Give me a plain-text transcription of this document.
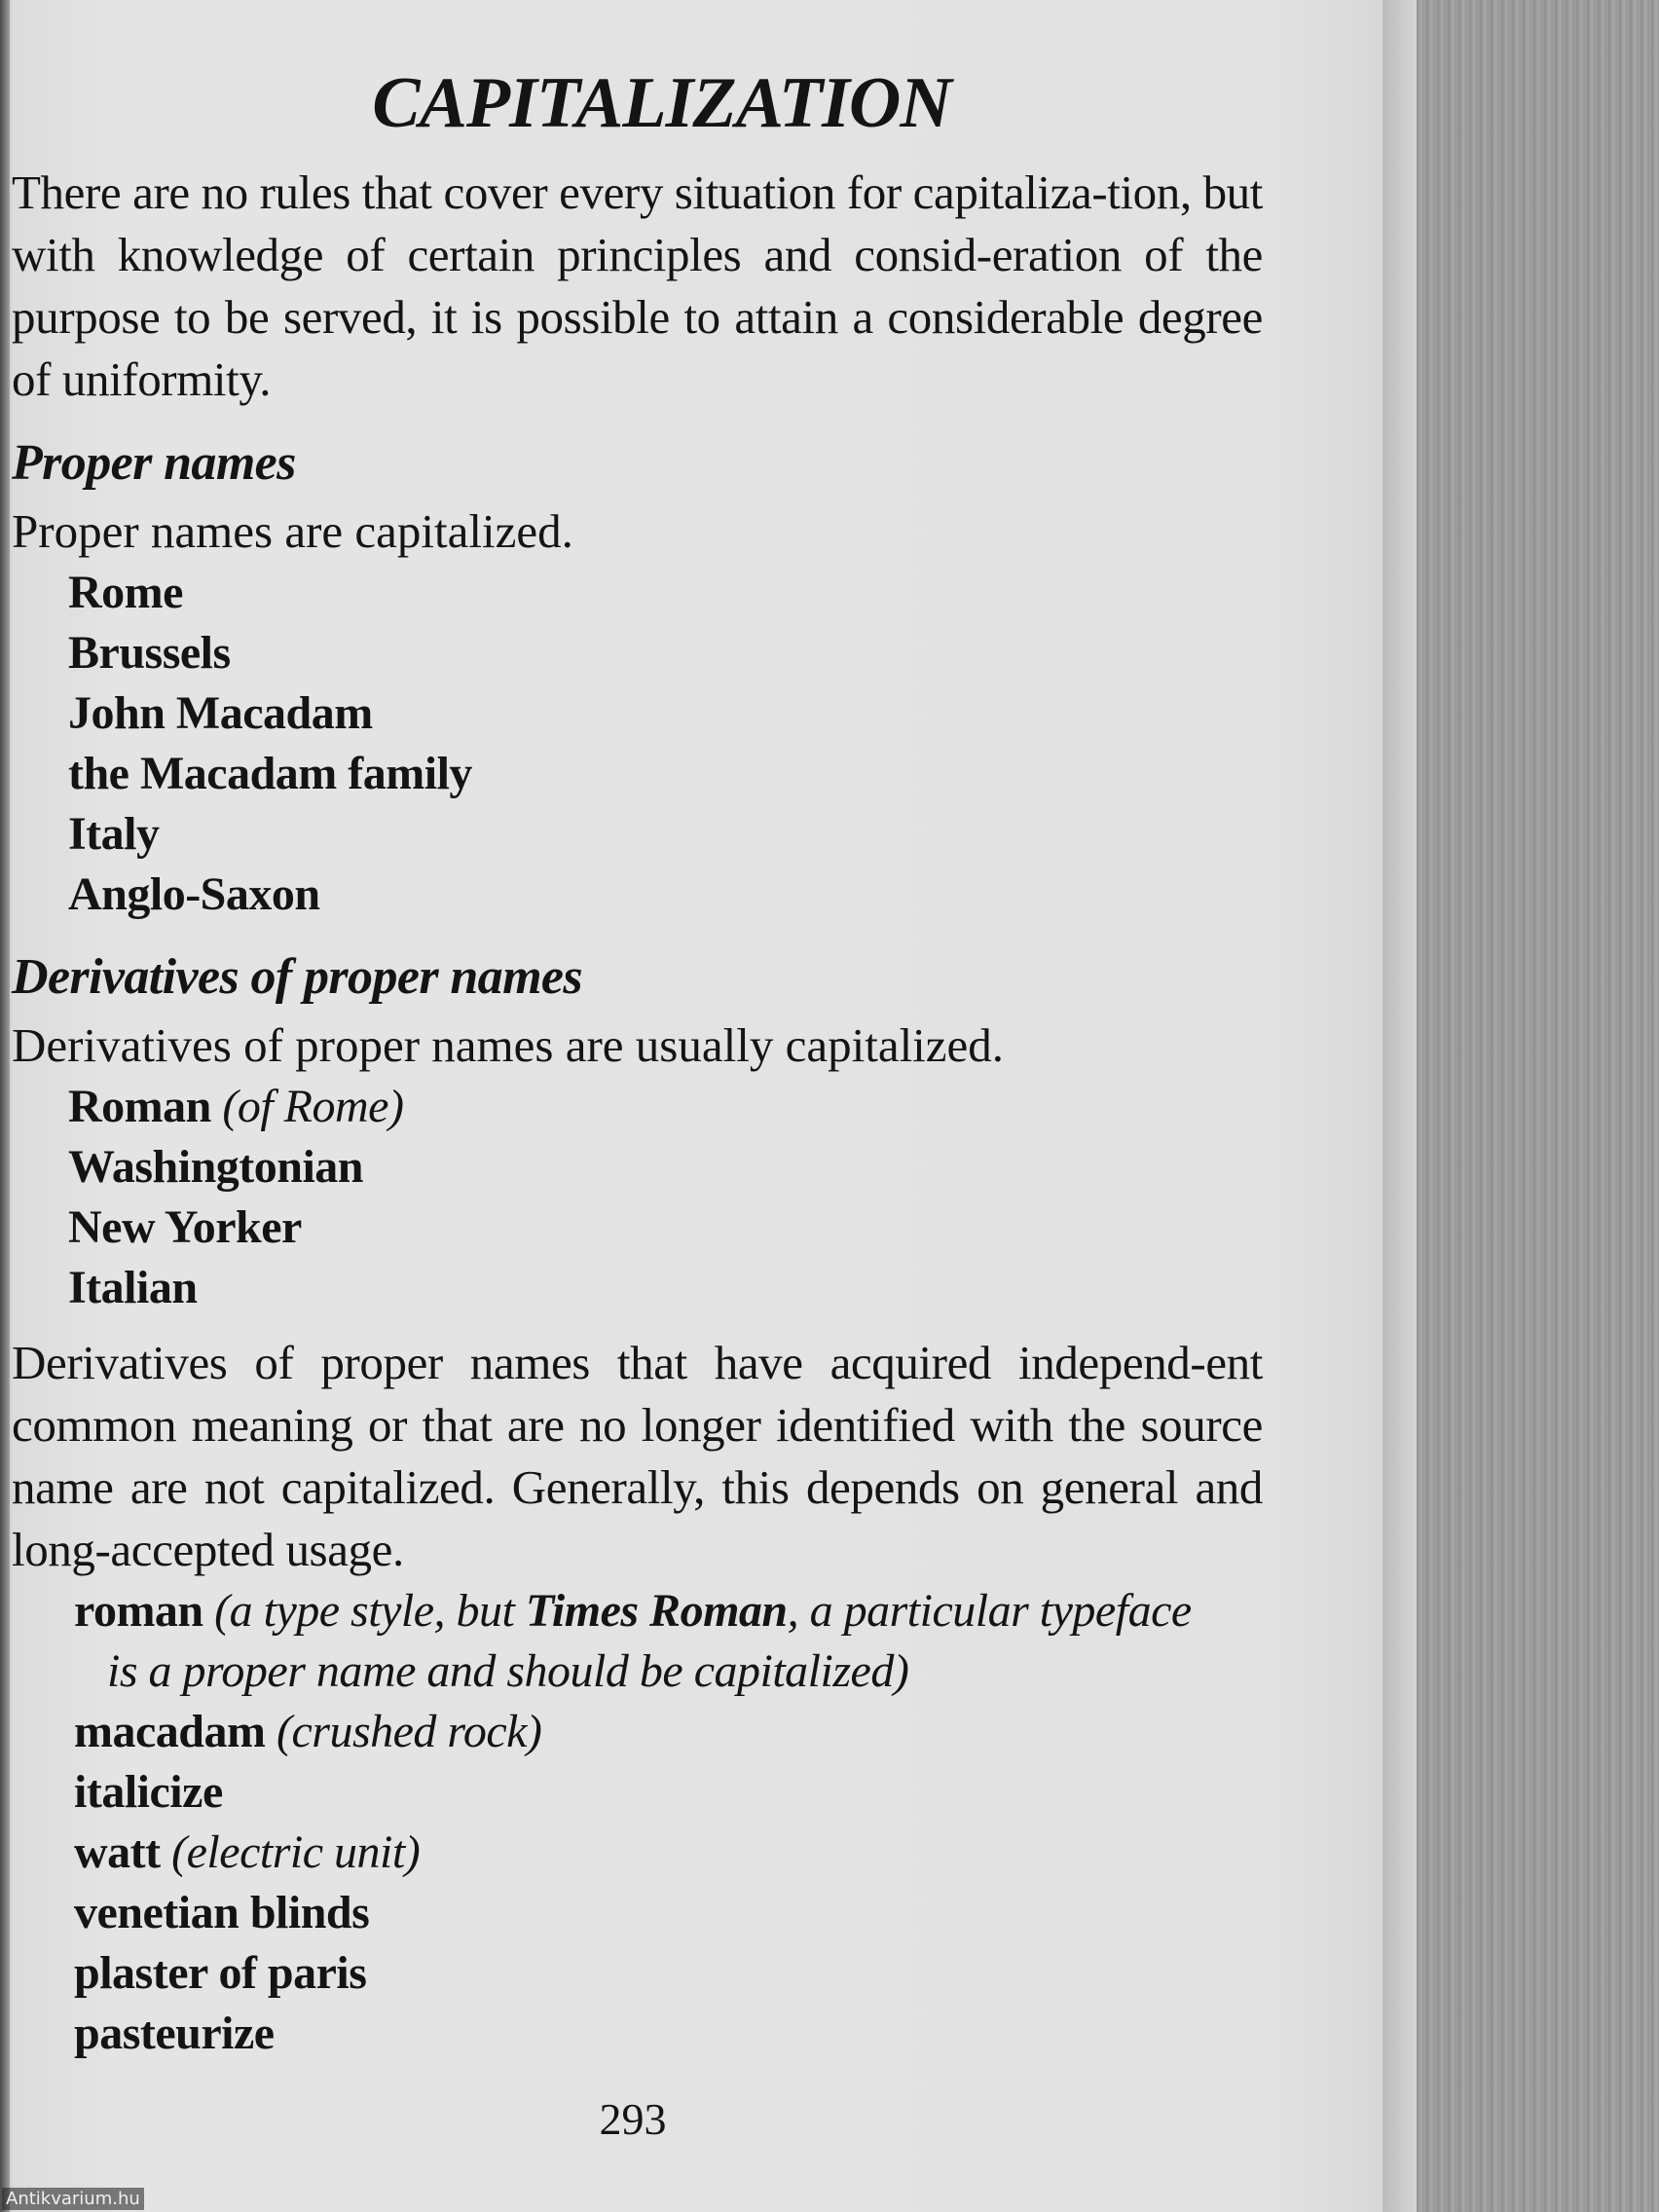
CAPITALIZATION

There are no rules that cover every situation for capitaliza-tion, but with knowledge of certain principles and consid-eration of the purpose to be served, it is possible to attain a considerable degree of uniformity.

Proper names

Proper names are capitalized.

Rome
Brussels
John Macadam
the Macadam family
Italy
Anglo-Saxon
Derivatives of proper names

Derivatives of proper names are usually capitalized.

Roman (of Rome)
Washingtonian
New Yorker
Italian

Derivatives of proper names that have acquired independ-ent common meaning or that are no longer identified with the source name are not capitalized. Generally, this depends on general and long-accepted usage.

roman (a type style, but Times Roman, a particular typeface
is a proper name and should be capitalized)
macadam (crushed rock)
italicize
watt (electric unit)
venetian blinds
plaster of paris
pasteurize
293
Antikvarium.hu
